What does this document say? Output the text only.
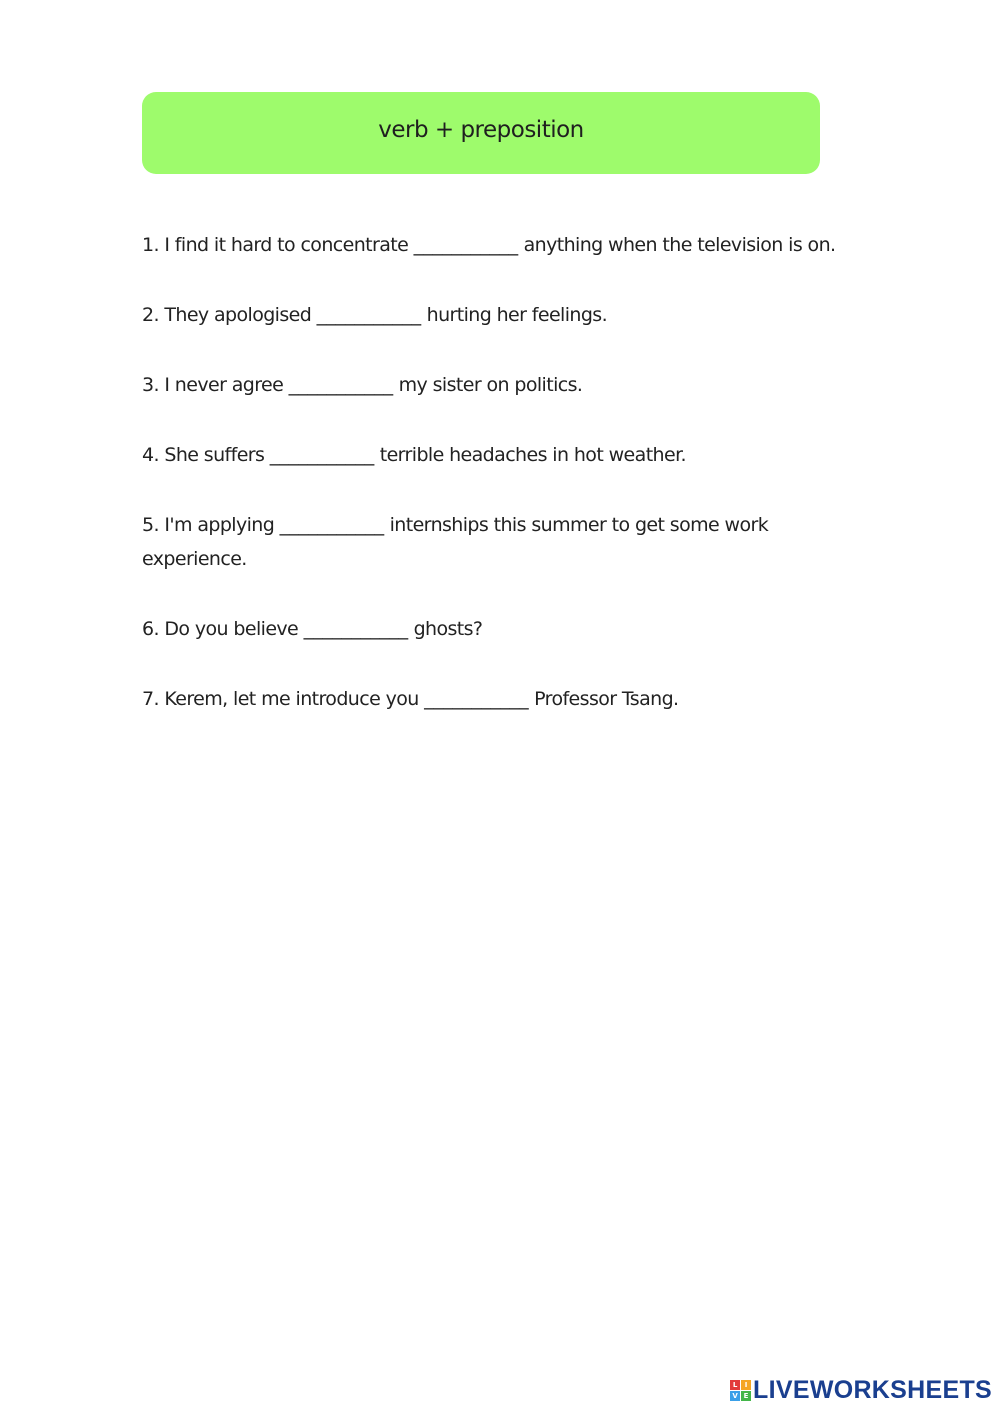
verb + preposition
1. I find it hard to concentrate ___________ anything when the television is on.
2. They apologised ___________ hurting her feelings.
3. I never agree ___________ my sister on politics.
4. She suffers ___________ terrible headaches in hot weather.
5. I'm applying ___________ internships this summer to get some work experience.
6. Do you believe ___________ ghosts?
7. Kerem, let me introduce you ___________ Professor Tsang.
L	I
V E LIVEWORKSHEETS
